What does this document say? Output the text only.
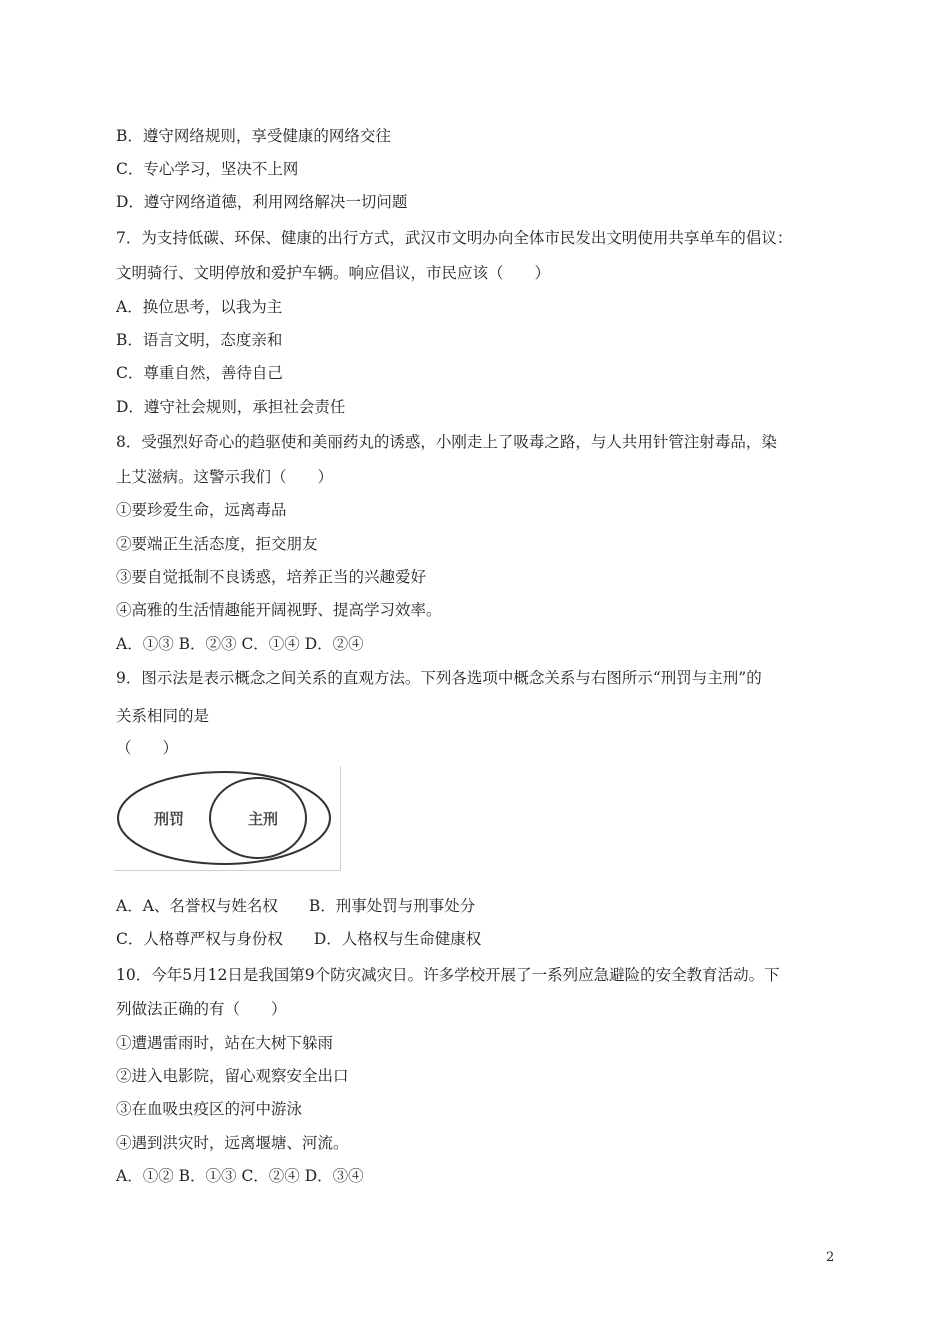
B．遵守网络规则，享受健康的网络交往
C．专心学习，坚决不上网
D．遵守网络道德，利用网络解决一切问题
7．为支持低碳、环保、健康的出行方式，武汉市文明办向全体市民发出文明使用共享单车的倡议：
文明骑行、文明停放和爱护车辆。响应倡议，市民应该（　　）
A．换位思考，以我为主
B．语言文明，态度亲和
C．尊重自然，善待自己
D．遵守社会规则，承担社会责任
8．受强烈好奇心的趋驱使和美丽药丸的诱惑，小刚走上了吸毒之路，与人共用针管注射毒品，染
上艾滋病。这警示我们（　　）
①要珍爱生命，远离毒品
②要端正生活态度，拒交朋友
③要自觉抵制不良诱惑，培养正当的兴趣爱好
④高雅的生活情趣能开阔视野、提高学习效率。
A．①③ B．②③ C．①④ D．②④
9．图示法是表示概念之间关系的直观方法。下列各选项中概念关系与右图所示“刑罚与主刑”的
关系相同的是
（　　）
刑罚	主刑
A．A、名誉权与姓名权　　B．刑事处罚与刑事处分
C．人格尊严权与身份权　　D．人格权与生命健康权
10．今年5月12日是我国第9个防灾减灾日。许多学校开展了一系列应急避险的安全教育活动。下
列做法正确的有（　　）
①遭遇雷雨时，站在大树下躲雨
②进入电影院，留心观察安全出口
③在血吸虫疫区的河中游泳
④遇到洪灾时，远离堰塘、河流。
A．①② B．①③ C．②④ D．③④
2
